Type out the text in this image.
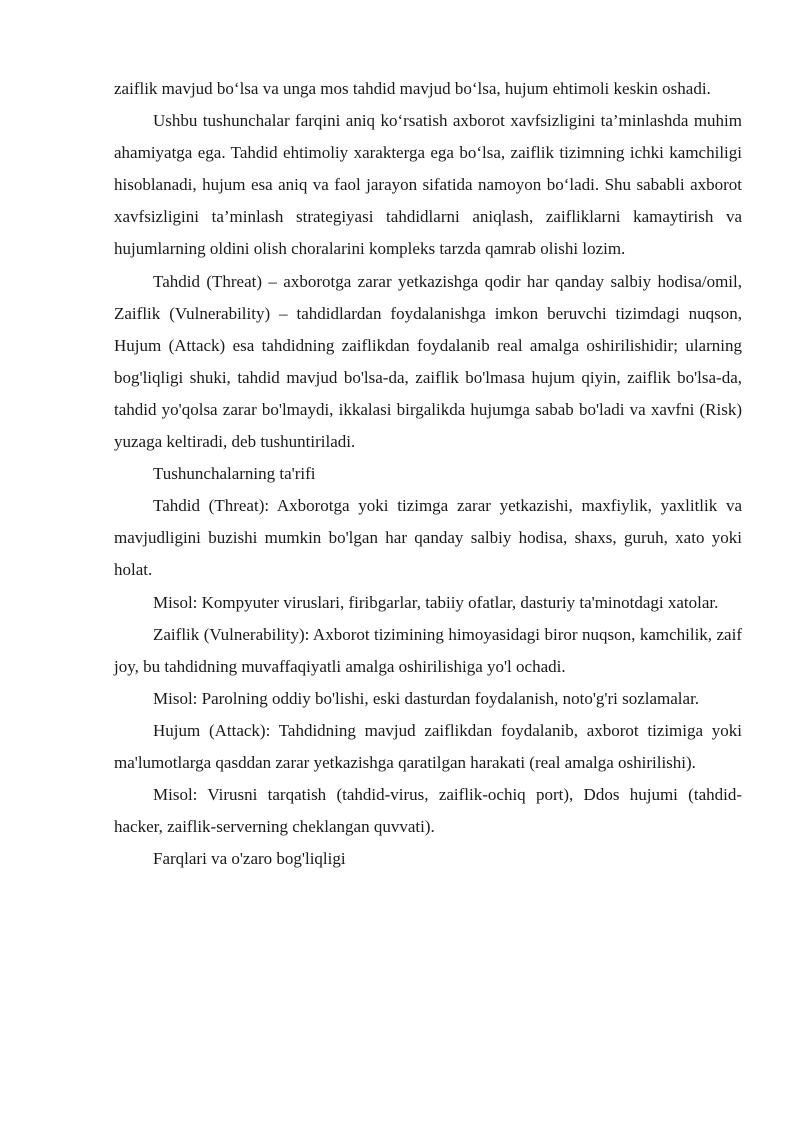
zaiflik mavjud bo‘lsa va unga mos tahdid mavjud bo‘lsa, hujum ehtimoli keskin oshadi.

Ushbu tushunchalar farqini aniq ko‘rsatish axborot xavfsizligini ta’minlashda muhim ahamiyatga ega. Tahdid ehtimoliy xarakterga ega bo‘lsa, zaiflik tizimning ichki kamchiligi hisoblanadi, hujum esa aniq va faol jarayon sifatida namoyon bo‘ladi. Shu sababli axborot xavfsizligini ta’minlash strategiyasi tahdidlarni aniqlash, zaifliklarni kamaytirish va hujumlarning oldini olish choralarini kompleks tarzda qamrab olishi lozim.

Tahdid (Threat) – axborotga zarar yetkazishga qodir har qanday salbiy hodisa/omil, Zaiflik (Vulnerability) – tahdidlardan foydalanishga imkon beruvchi tizimdagi nuqson, Hujum (Attack) esa tahdidning zaiflikdan foydalanib real amalga oshirilishidir; ularning bog'liqligi shuki, tahdid mavjud bo'lsa-da, zaiflik bo'lmasa hujum qiyin, zaiflik bo'lsa-da, tahdid yo'qolsa zarar bo'lmaydi, ikkalasi birgalikda hujumga sabab bo'ladi va xavfni (Risk) yuzaga keltiradi, deb tushuntiriladi.

Tushunchalarning ta'rifi

Tahdid (Threat): Axborotga yoki tizimga zarar yetkazishi, maxfiylik, yaxlitlik va mavjudligini buzishi mumkin bo'lgan har qanday salbiy hodisa, shaxs, guruh, xato yoki holat.

Misol: Kompyuter viruslari, firibgarlar, tabiiy ofatlar, dasturiy ta'minotdagi xatolar.

Zaiflik (Vulnerability): Axborot tizimining himoyasidagi biror nuqson, kamchilik, zaif joy, bu tahdidning muvaffaqiyatli amalga oshirilishiga yo'l ochadi.

Misol: Parolning oddiy bo'lishi, eski dasturdan foydalanish, noto'g'ri sozlamalar.

Hujum (Attack): Tahdidning mavjud zaiflikdan foydalanib, axborot tizimiga yoki ma'lumotlarga qasddan zarar yetkazishga qaratilgan harakati (real amalga oshirilishi).

Misol: Virusni tarqatish (tahdid-virus, zaiflik-ochiq port), Ddos hujumi (tahdid-hacker, zaiflik-serverning cheklangan quvvati).

Farqlari va o'zaro bog'liqligi
